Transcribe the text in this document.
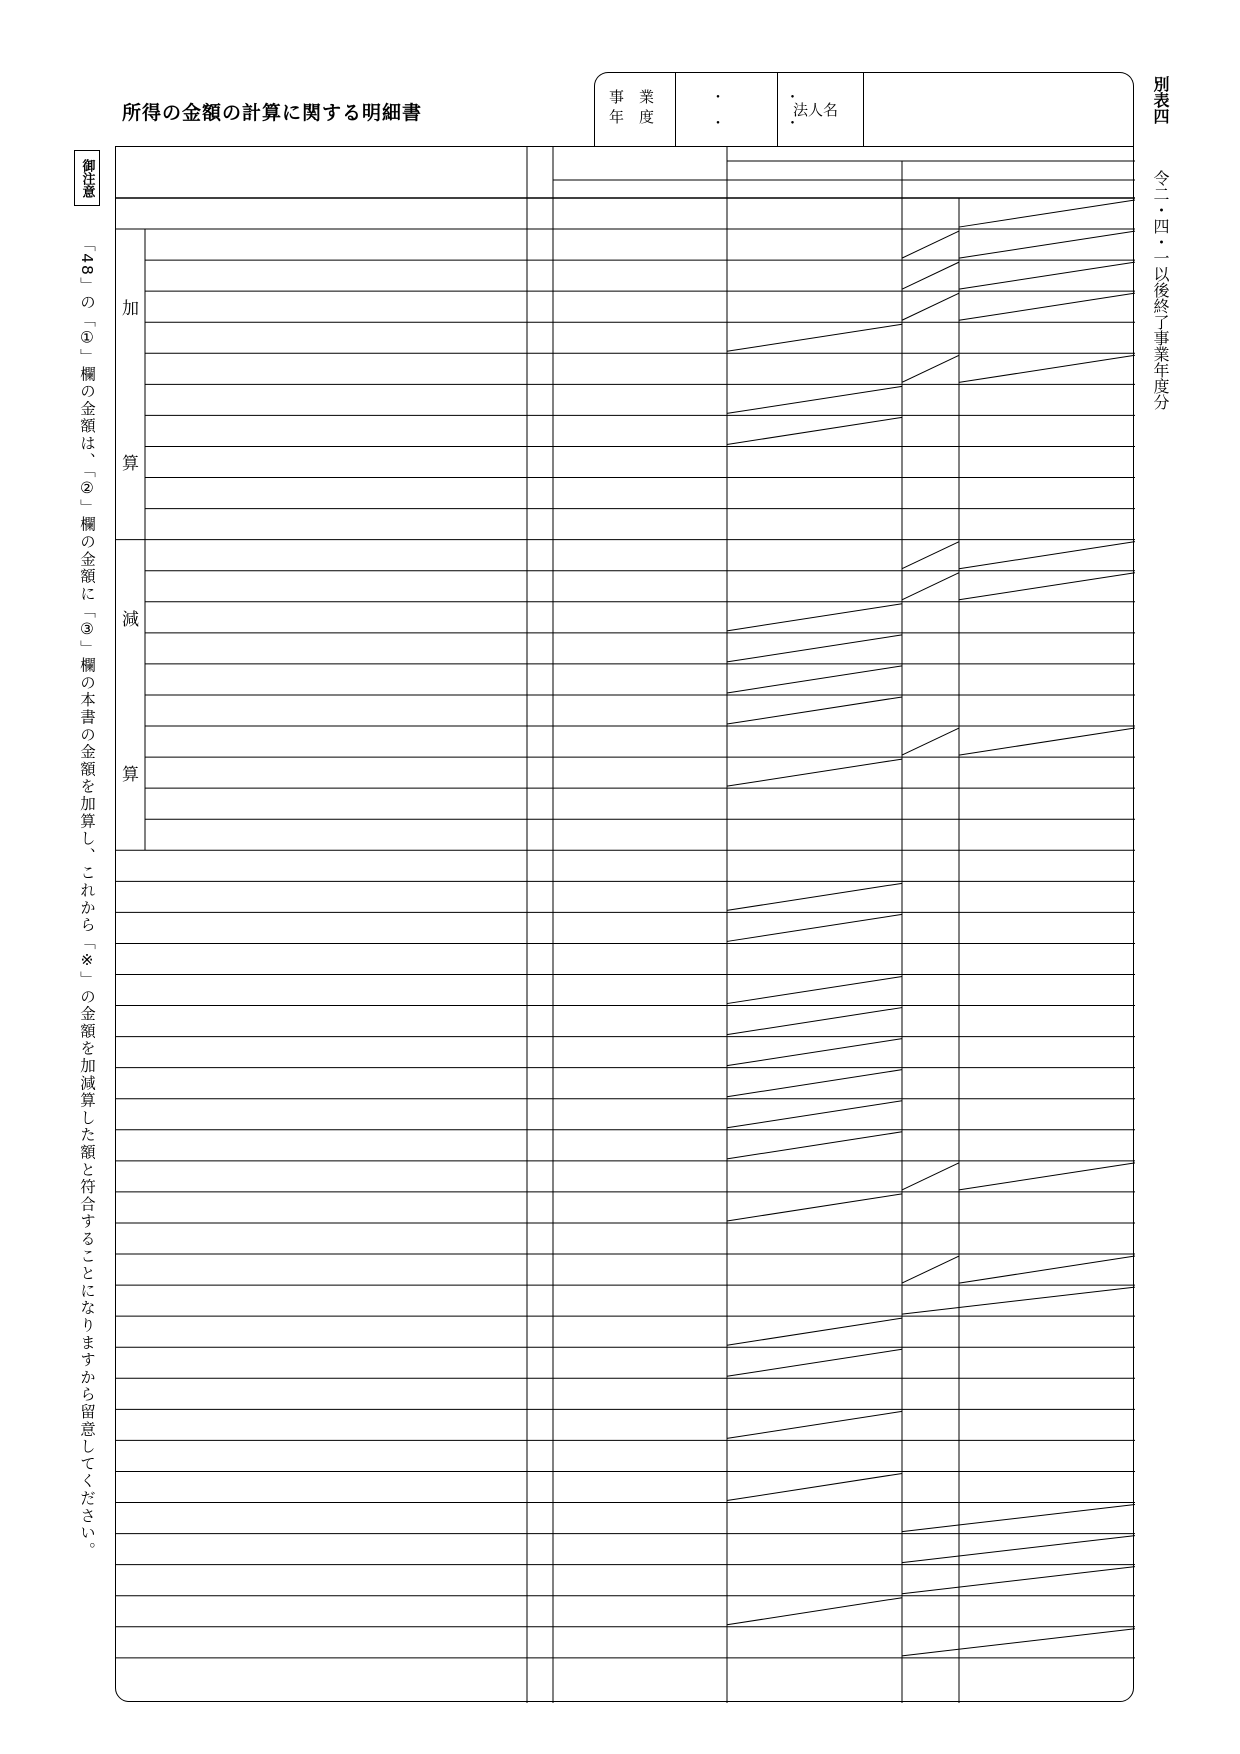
所得の金額の計算に関する明細書
事　業
年　度
・ ・
・ ・
法人名	別表四
令二・四・一以後終了事業年度分
御注意
「48」の「①」欄の金額は、「②」欄の金額に「③」欄の本書の金額を加算し、これから「※」の金額を加減算した額と符合することになりますから留意してください。 加
算
減
算
